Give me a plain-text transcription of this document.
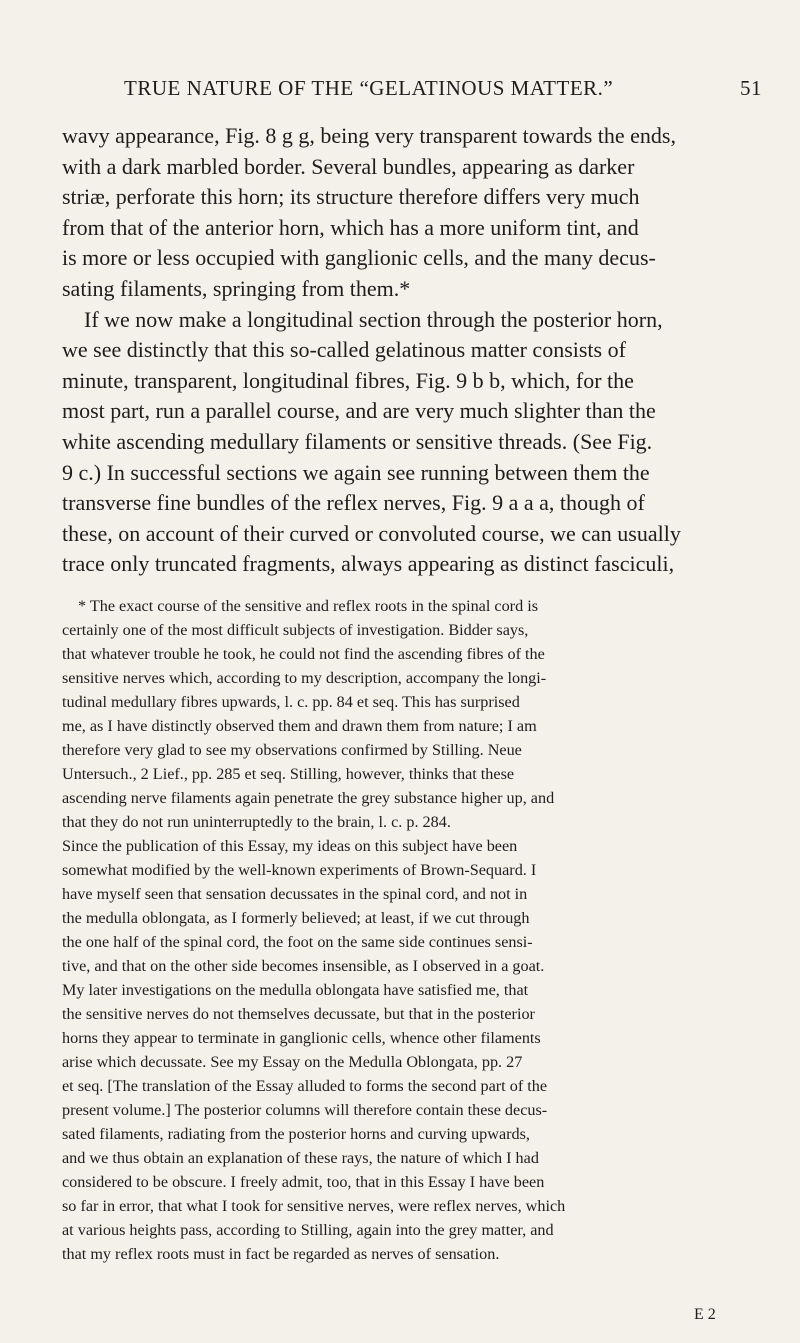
TRUE NATURE OF THE “GELATINOUS MATTER.”	51
wavy appearance, Fig. 8 g g, being very transparent towards the ends,
with a dark marbled border. Several bundles, appearing as darker
striæ, perforate this horn; its structure therefore differs very much
from that of the anterior horn, which has a more uniform tint, and
is more or less occupied with ganglionic cells, and the many decus-
sating filaments, springing from them.*
If we now make a longitudinal section through the posterior horn,
we see distinctly that this so-called gelatinous matter consists of
minute, transparent, longitudinal fibres, Fig. 9 b b, which, for the
most part, run a parallel course, and are very much slighter than the
white ascending medullary filaments or sensitive threads. (See Fig.
9 c.) In successful sections we again see running between them the
transverse fine bundles of the reflex nerves, Fig. 9 a a a, though of
these, on account of their curved or convoluted course, we can usually
trace only truncated fragments, always appearing as distinct fasciculi,
* The exact course of the sensitive and reflex roots in the spinal cord is
certainly one of the most difficult subjects of investigation. Bidder says,
that whatever trouble he took, he could not find the ascending fibres of the
sensitive nerves which, according to my description, accompany the longi-
tudinal medullary fibres upwards, l. c. pp. 84 et seq. This has surprised
me, as I have distinctly observed them and drawn them from nature; I am
therefore very glad to see my observations confirmed by Stilling. Neue
Untersuch., 2 Lief., pp. 285 et seq. Stilling, however, thinks that these
ascending nerve filaments again penetrate the grey substance higher up, and
that they do not run uninterruptedly to the brain, l. c. p. 284.
Since the publication of this Essay, my ideas on this subject have been
somewhat modified by the well-known experiments of Brown-Sequard. I
have myself seen that sensation decussates in the spinal cord, and not in
the medulla oblongata, as I formerly believed; at least, if we cut through
the one half of the spinal cord, the foot on the same side continues sensi-
tive, and that on the other side becomes insensible, as I observed in a goat.
My later investigations on the medulla oblongata have satisfied me, that
the sensitive nerves do not themselves decussate, but that in the posterior
horns they appear to terminate in ganglionic cells, whence other filaments
arise which decussate. See my Essay on the Medulla Oblongata, pp. 27
et seq. [The translation of the Essay alluded to forms the second part of the
present volume.] The posterior columns will therefore contain these decus-
sated filaments, radiating from the posterior horns and curving upwards,
and we thus obtain an explanation of these rays, the nature of which I had
considered to be obscure. I freely admit, too, that in this Essay I have been
so far in error, that what I took for sensitive nerves, were reflex nerves, which
at various heights pass, according to Stilling, again into the grey matter, and
that my reflex roots must in fact be regarded as nerves of sensation.
E 2
